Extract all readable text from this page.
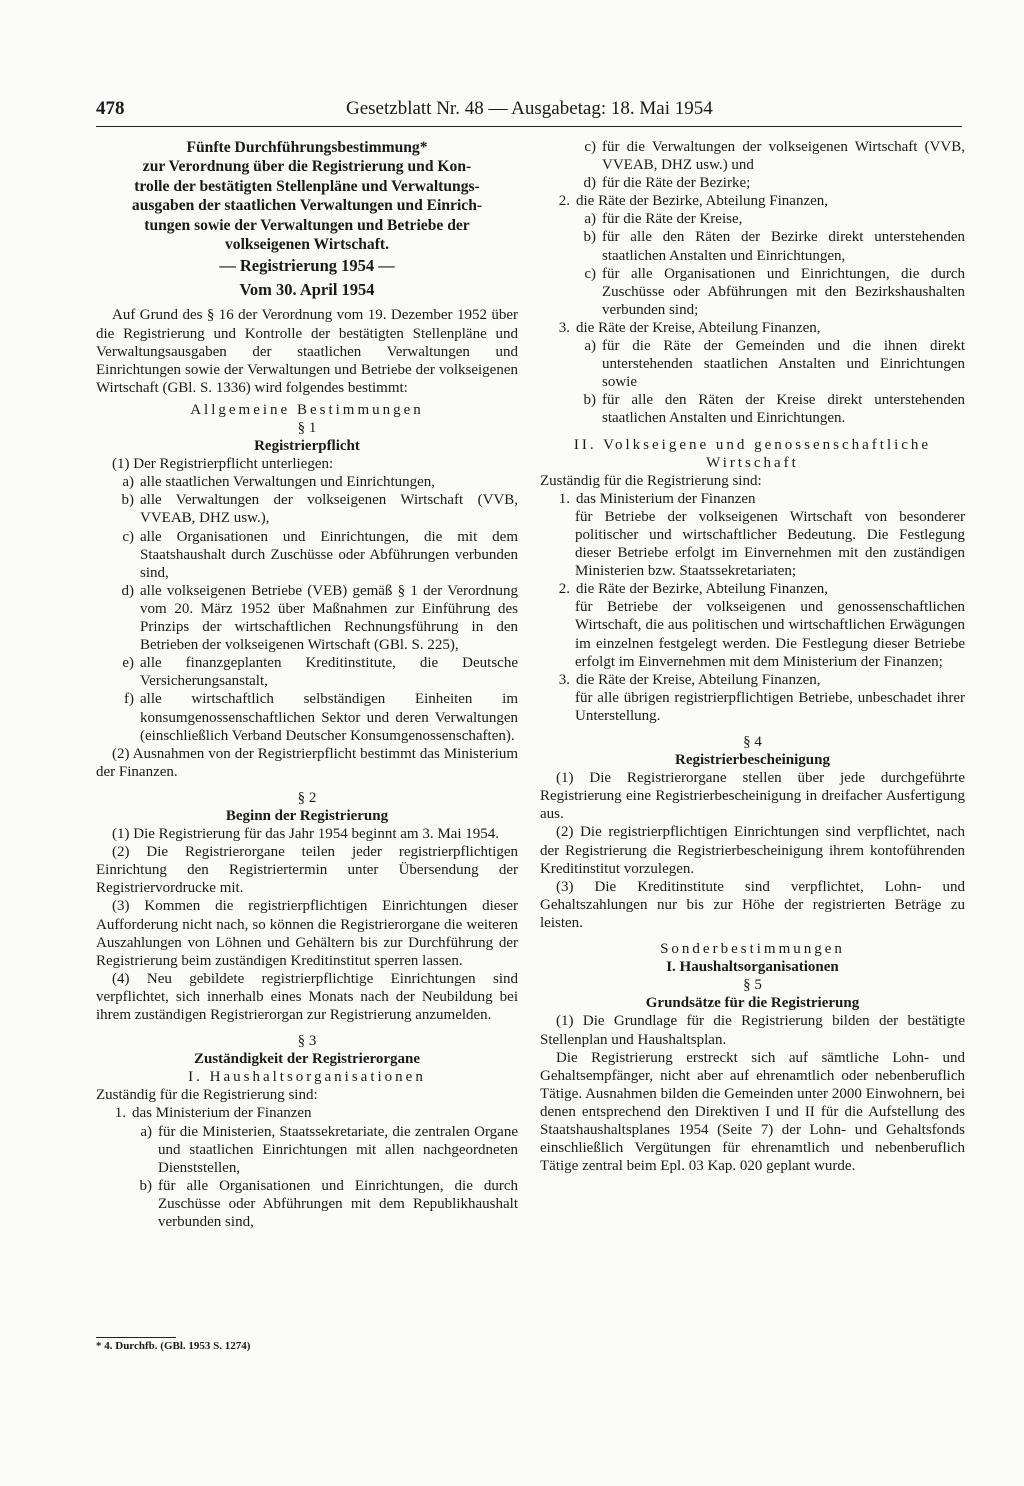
478	Gesetzblatt Nr. 48 — Ausgabetag: 18. Mai 1954
Fünfte Durchführungsbestimmung*
zur Verordnung über die Registrierung und Kon-
trolle der bestätigten Stellenpläne und Verwaltungs-
ausgaben der staatlichen Verwaltungen und Einrich-
tungen sowie der Verwaltungen und Betriebe der
volkseigenen Wirtschaft.
— Registrierung 1954 —
Vom 30. April 1954

Auf Grund des § 16 der Verordnung vom 19. Dezember 1952 über die Registrierung und Kontrolle der bestätigten Stellenpläne und Verwaltungsausgaben der staatlichen Verwaltungen und Einrichtungen sowie der Verwaltungen und Betriebe der volkseigenen Wirtschaft (GBl. S. 1336) wird folgendes bestimmt:

Allgemeine Bestimmungen
§ 1
Registrierpflicht

(1) Der Registrierpflicht unterliegen:

a) alle staatlichen Verwaltungen und Einrichtungen,
b) alle Verwaltungen der volkseigenen Wirtschaft (VVB, VVEAB, DHZ usw.),
c) alle Organisationen und Einrichtungen, die mit dem Staatshaushalt durch Zuschüsse oder Abführungen verbunden sind,
d) alle volkseigenen Betriebe (VEB) gemäß § 1 der Verordnung vom 20. März 1952 über Maßnahmen zur Einführung des Prinzips der wirtschaftlichen Rechnungsführung in den Betrieben der volkseigenen Wirtschaft (GBl. S. 225),
e) alle finanzgeplanten Kreditinstitute, die Deutsche Versicherungsanstalt,
f) alle wirtschaftlich selbständigen Einheiten im konsumgenossenschaftlichen Sektor und deren Verwaltungen (einschließlich Verband Deutscher Konsumgenossenschaften).

(2) Ausnahmen von der Registrierpflicht bestimmt das Ministerium der Finanzen.

§ 2
Beginn der Registrierung

(1) Die Registrierung für das Jahr 1954 beginnt am 3. Mai 1954.

(2) Die Registrierorgane teilen jeder registrierpflichtigen Einrichtung den Registriertermin unter Übersendung der Registriervordrucke mit.

(3) Kommen die registrierpflichtigen Einrichtungen dieser Aufforderung nicht nach, so können die Registrierorgane die weiteren Auszahlungen von Löhnen und Gehältern bis zur Durchführung der Registrierung beim zuständigen Kreditinstitut sperren lassen.

(4) Neu gebildete registrierpflichtige Einrichtungen sind verpflichtet, sich innerhalb eines Monats nach der Neubildung bei ihrem zuständigen Registrierorgan zur Registrierung anzumelden.

§ 3
Zuständigkeit der Registrierorgane
I. Haushaltsorganisationen

Zuständig für die Registrierung sind:

1. das Ministerium der Finanzen
a) für die Ministerien, Staatssekretariate, die zentralen Organe und staatlichen Einrichtungen mit allen nachgeordneten Dienststellen,
b) für alle Organisationen und Einrichtungen, die durch Zuschüsse oder Abführungen mit dem Republikhaushalt verbunden sind,
* 4. Durchfb. (GBl. 1953 S. 1274)
c) für die Verwaltungen der volkseigenen Wirtschaft (VVB, VVEAB, DHZ usw.) und
d) für die Räte der Bezirke;
2. die Räte der Bezirke, Abteilung Finanzen,
a) für die Räte der Kreise,
b) für alle den Räten der Bezirke direkt unterstehenden staatlichen Anstalten und Einrichtungen,
c) für alle Organisationen und Einrichtungen, die durch Zuschüsse oder Abführungen mit den Bezirkshaushalten verbunden sind;
3. die Räte der Kreise, Abteilung Finanzen,
a) für die Räte der Gemeinden und die ihnen direkt unterstehenden staatlichen Anstalten und Einrichtungen sowie
b) für alle den Räten der Kreise direkt unterstehenden staatlichen Anstalten und Einrichtungen.
II. Volkseigene und genossenschaftliche Wirtschaft

Zuständig für die Registrierung sind:

1. das Ministerium der Finanzen

für Betriebe der volkseigenen Wirtschaft von besonderer politischer und wirtschaftlicher Bedeutung. Die Festlegung dieser Betriebe erfolgt im Einvernehmen mit den zuständigen Ministerien bzw. Staatssekretariaten;

2. die Räte der Bezirke, Abteilung Finanzen,

für Betriebe der volkseigenen und genossenschaftlichen Wirtschaft, die aus politischen und wirtschaftlichen Erwägungen im einzelnen festgelegt werden. Die Festlegung dieser Betriebe erfolgt im Einvernehmen mit dem Ministerium der Finanzen;

3. die Räte der Kreise, Abteilung Finanzen,

für alle übrigen registrierpflichtigen Betriebe, unbeschadet ihrer Unterstellung.

§ 4
Registrierbescheinigung

(1) Die Registrierorgane stellen über jede durchgeführte Registrierung eine Registrierbescheinigung in dreifacher Ausfertigung aus.

(2) Die registrierpflichtigen Einrichtungen sind verpflichtet, nach der Registrierung die Registrierbescheinigung ihrem kontoführenden Kreditinstitut vorzulegen.

(3) Die Kreditinstitute sind verpflichtet, Lohn- und Gehaltszahlungen nur bis zur Höhe der registrierten Beträge zu leisten.

Sonderbestimmungen
I. Haushaltsorganisationen
§ 5
Grundsätze für die Registrierung

(1) Die Grundlage für die Registrierung bilden der bestätigte Stellenplan und Haushaltsplan.

Die Registrierung erstreckt sich auf sämtliche Lohn- und Gehaltsempfänger, nicht aber auf ehrenamtlich oder nebenberuflich Tätige. Ausnahmen bilden die Gemeinden unter 2000 Einwohnern, bei denen entsprechend den Direktiven I und II für die Aufstellung des Staatshaushaltsplanes 1954 (Seite 7) der Lohn- und Gehaltsfonds einschließlich Vergütungen für ehrenamtlich und nebenberuflich Tätige zentral beim Epl. 03 Kap. 020 geplant wurde.
